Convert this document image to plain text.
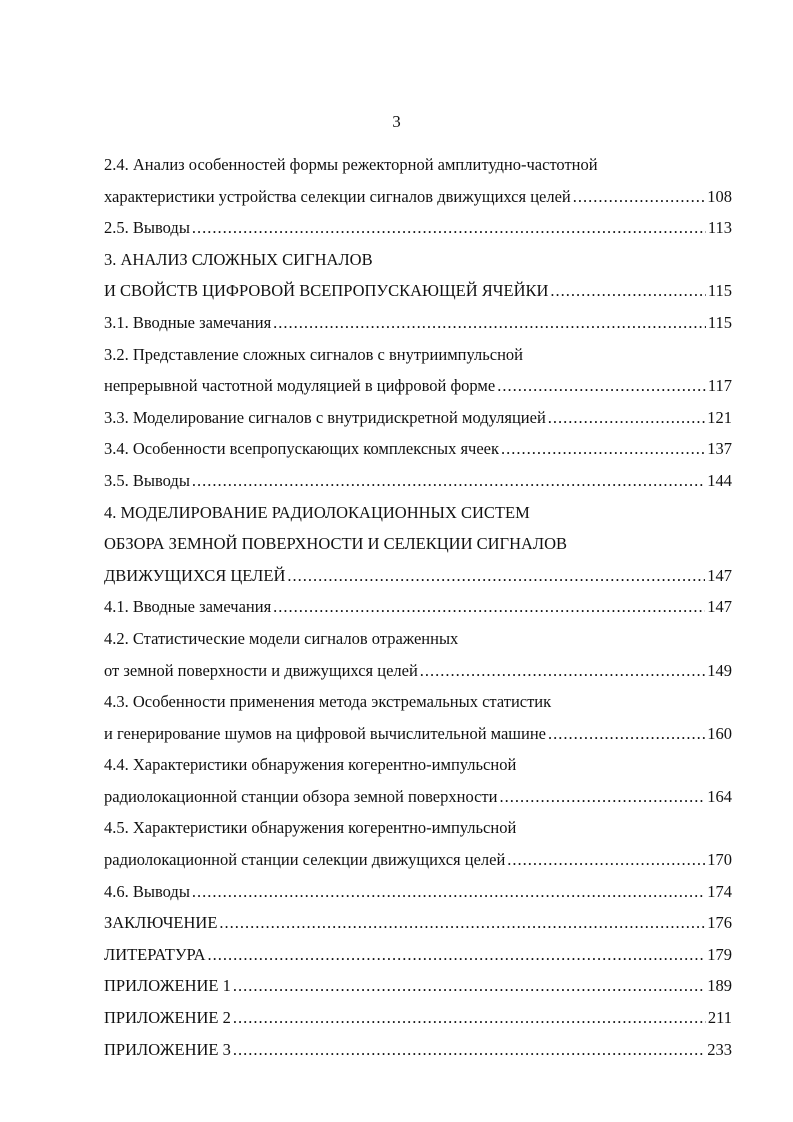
3
2.4. Анализ особенностей формы режекторной амплитудно-частотной
характеристики устройства селекции сигналов движущихся целей .....	108
2.5. Выводы .....	113
3. АНАЛИЗ СЛОЖНЫХ СИГНАЛОВ
И СВОЙСТВ ЦИФРОВОЙ ВСЕПРОПУСКАЮЩЕЙ ЯЧЕЙКИ .....	115
3.1. Вводные замечания .....	115
3.2. Представление сложных сигналов с внутриимпульсной
непрерывной частотной модуляцией в цифровой форме .....	117
3.3. Моделирование сигналов с внутридискретной модуляцией .....	121
3.4. Особенности всепропускающих комплексных ячеек .....	137
3.5. Выводы .....	144
4. МОДЕЛИРОВАНИЕ РАДИОЛОКАЦИОННЫХ СИСТЕМ
ОБЗОРА ЗЕМНОЙ ПОВЕРХНОСТИ И СЕЛЕКЦИИ СИГНАЛОВ
ДВИЖУЩИХСЯ ЦЕЛЕЙ .....	147
4.1. Вводные замечания .....	147
4.2. Статистические модели сигналов отраженных
от земной поверхности и движущихся целей .....	149
4.3. Особенности применения метода экстремальных статистик
и генерирование шумов на цифровой вычислительной машине .....	160
4.4. Характеристики обнаружения когерентно-импульсной
радиолокационной станции обзора земной поверхности .....	164
4.5. Характеристики обнаружения когерентно-импульсной
радиолокационной станции селекции движущихся целей .....	170
4.6. Выводы .....	174
ЗАКЛЮЧЕНИЕ .....	176
ЛИТЕРАТУРА .....	179
ПРИЛОЖЕНИЕ 1 .....	189
ПРИЛОЖЕНИЕ 2 .....	211
ПРИЛОЖЕНИЕ 3 .....	233
